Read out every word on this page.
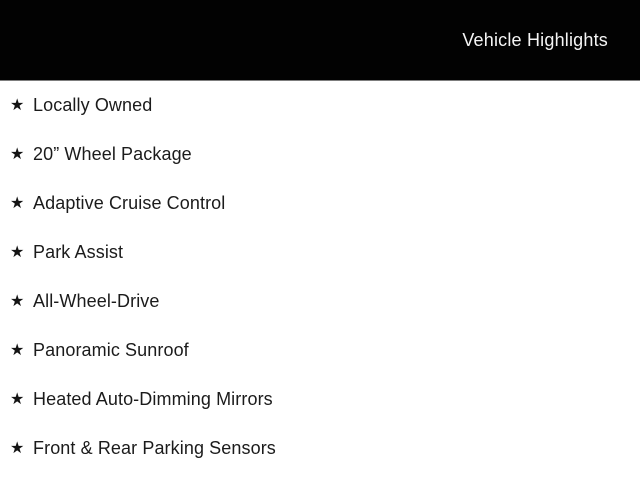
Vehicle Highlights
★ Locally Owned
★ 20” Wheel Package
★ Adaptive Cruise Control
★ Park Assist
★ All-Wheel-Drive
★ Panoramic Sunroof
★ Heated Auto-Dimming Mirrors
★ Front & Rear Parking Sensors
